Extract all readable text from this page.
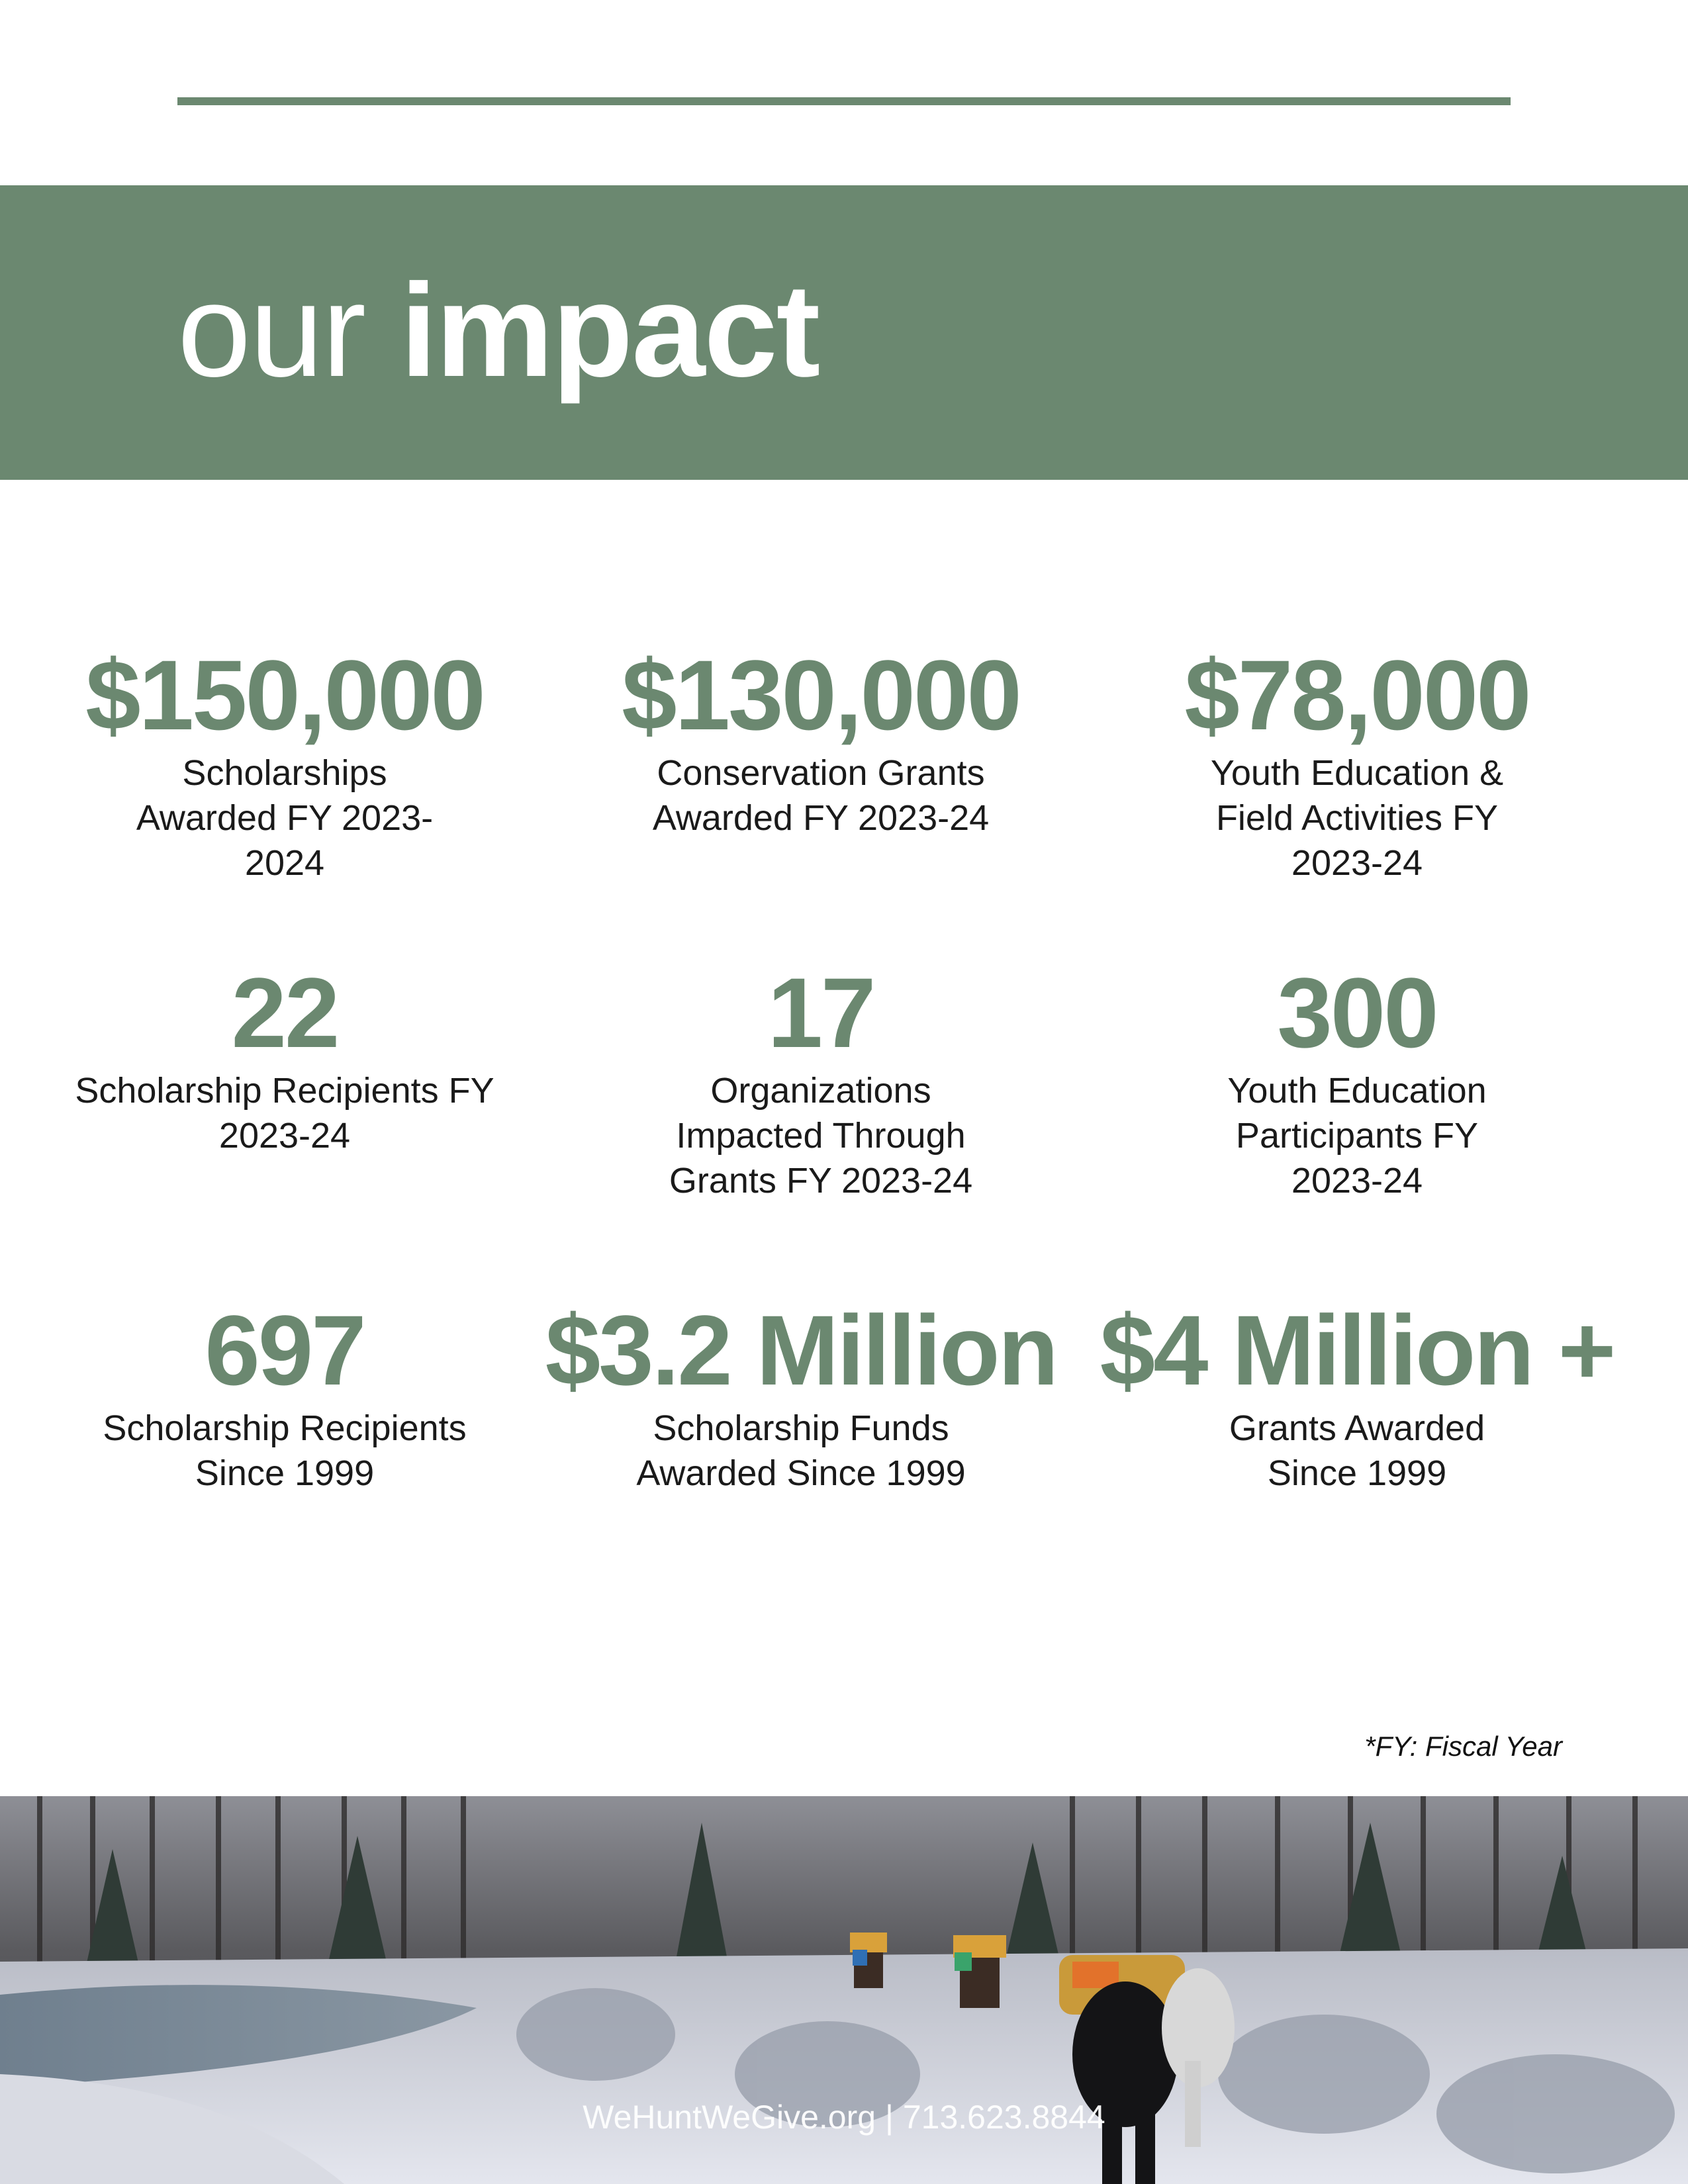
our impact
$150,000
Scholarships Awarded FY 2023-2024
$130,000
Conservation Grants Awarded FY 2023-24
$78,000
Youth Education & Field Activities FY 2023-24
22
Scholarship Recipients FY 2023-24
17
Organizations Impacted Through Grants FY 2023-24
300
Youth Education Participants FY 2023-24
697
Scholarship Recipients Since 1999
$3.2 Million
Scholarship Funds Awarded Since 1999
$4 Million +
Grants Awarded Since 1999
*FY: Fiscal Year
WeHuntWeGive.org | 713.623.8844
